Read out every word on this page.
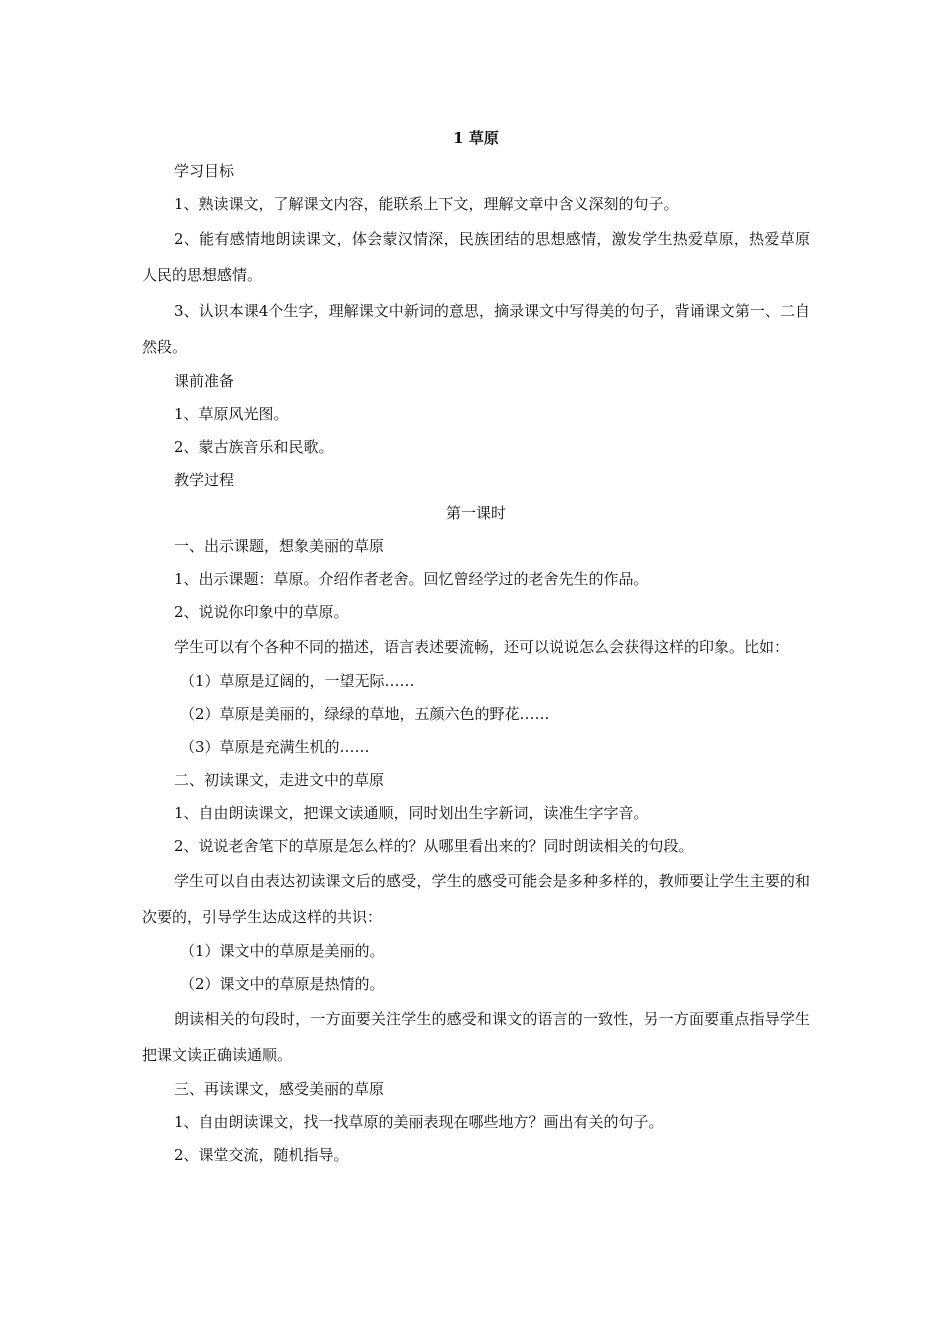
1 草原

学习目标

1、熟读课文，了解课文内容，能联系上下文，理解文章中含义深刻的句子。

2、能有感情地朗读课文，体会蒙汉情深，民族团结的思想感情，激发学生热爱草原，热爱草原人民的思想感情。

3、认识本课4个生字，理解课文中新词的意思，摘录课文中写得美的句子，背诵课文第一、二自然段。

课前准备

1、草原风光图。

2、蒙古族音乐和民歌。

教学过程

第一课时

一、出示课题，想象美丽的草原

1、出示课题：草原。介绍作者老舍。回忆曾经学过的老舍先生的作品。

2、说说你印象中的草原。

学生可以有个各种不同的描述，语言表述要流畅，还可以说说怎么会获得这样的印象。比如：

（1）草原是辽阔的，一望无际……

（2）草原是美丽的，绿绿的草地，五颜六色的野花……

（3）草原是充满生机的……

二、初读课文，走进文中的草原

1、自由朗读课文，把课文读通顺，同时划出生字新词，读准生字字音。

2、说说老舍笔下的草原是怎么样的？从哪里看出来的？同时朗读相关的句段。

学生可以自由表达初读课文后的感受，学生的感受可能会是多种多样的，教师要让学生主要的和次要的，引导学生达成这样的共识：

（1）课文中的草原是美丽的。

（2）课文中的草原是热情的。

朗读相关的句段时，一方面要关注学生的感受和课文的语言的一致性，另一方面要重点指导学生把课文读正确读通顺。

三、再读课文，感受美丽的草原

1、自由朗读课文，找一找草原的美丽表现在哪些地方？画出有关的句子。

2、课堂交流，随机指导。
